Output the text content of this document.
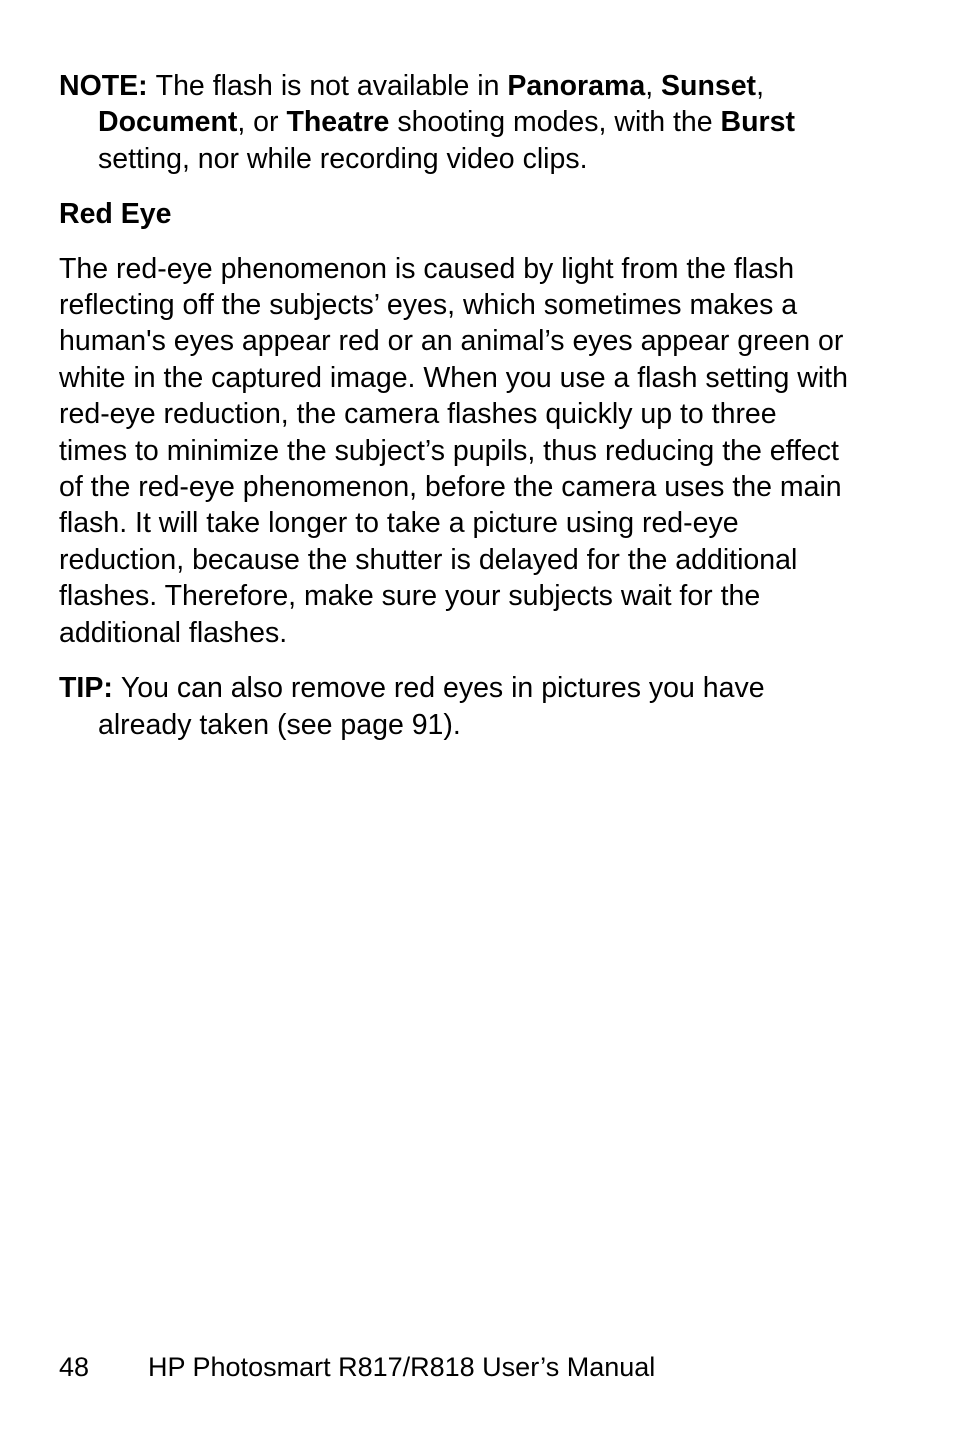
NOTE: The flash is not available in Panorama, Sunset, Document, or Theatre shooting modes, with the Burst setting, nor while recording video clips.

Red Eye

The red-eye phenomenon is caused by light from the flash reflecting off the subjects’ eyes, which sometimes makes a human's eyes appear red or an animal’s eyes appear green or white in the captured image. When you use a flash setting with red-eye reduction, the camera flashes quickly up to three times to minimize the subject’s pupils, thus reducing the effect of the red-eye phenomenon, before the camera uses the main flash. It will take longer to take a picture using red-eye reduction, because the shutter is delayed for the additional flashes. Therefore, make sure your subjects wait for the additional flashes.

TIP: You can also remove red eyes in pictures you have already taken (see page 91).

48 HP Photosmart R817/R818 User’s Manual
